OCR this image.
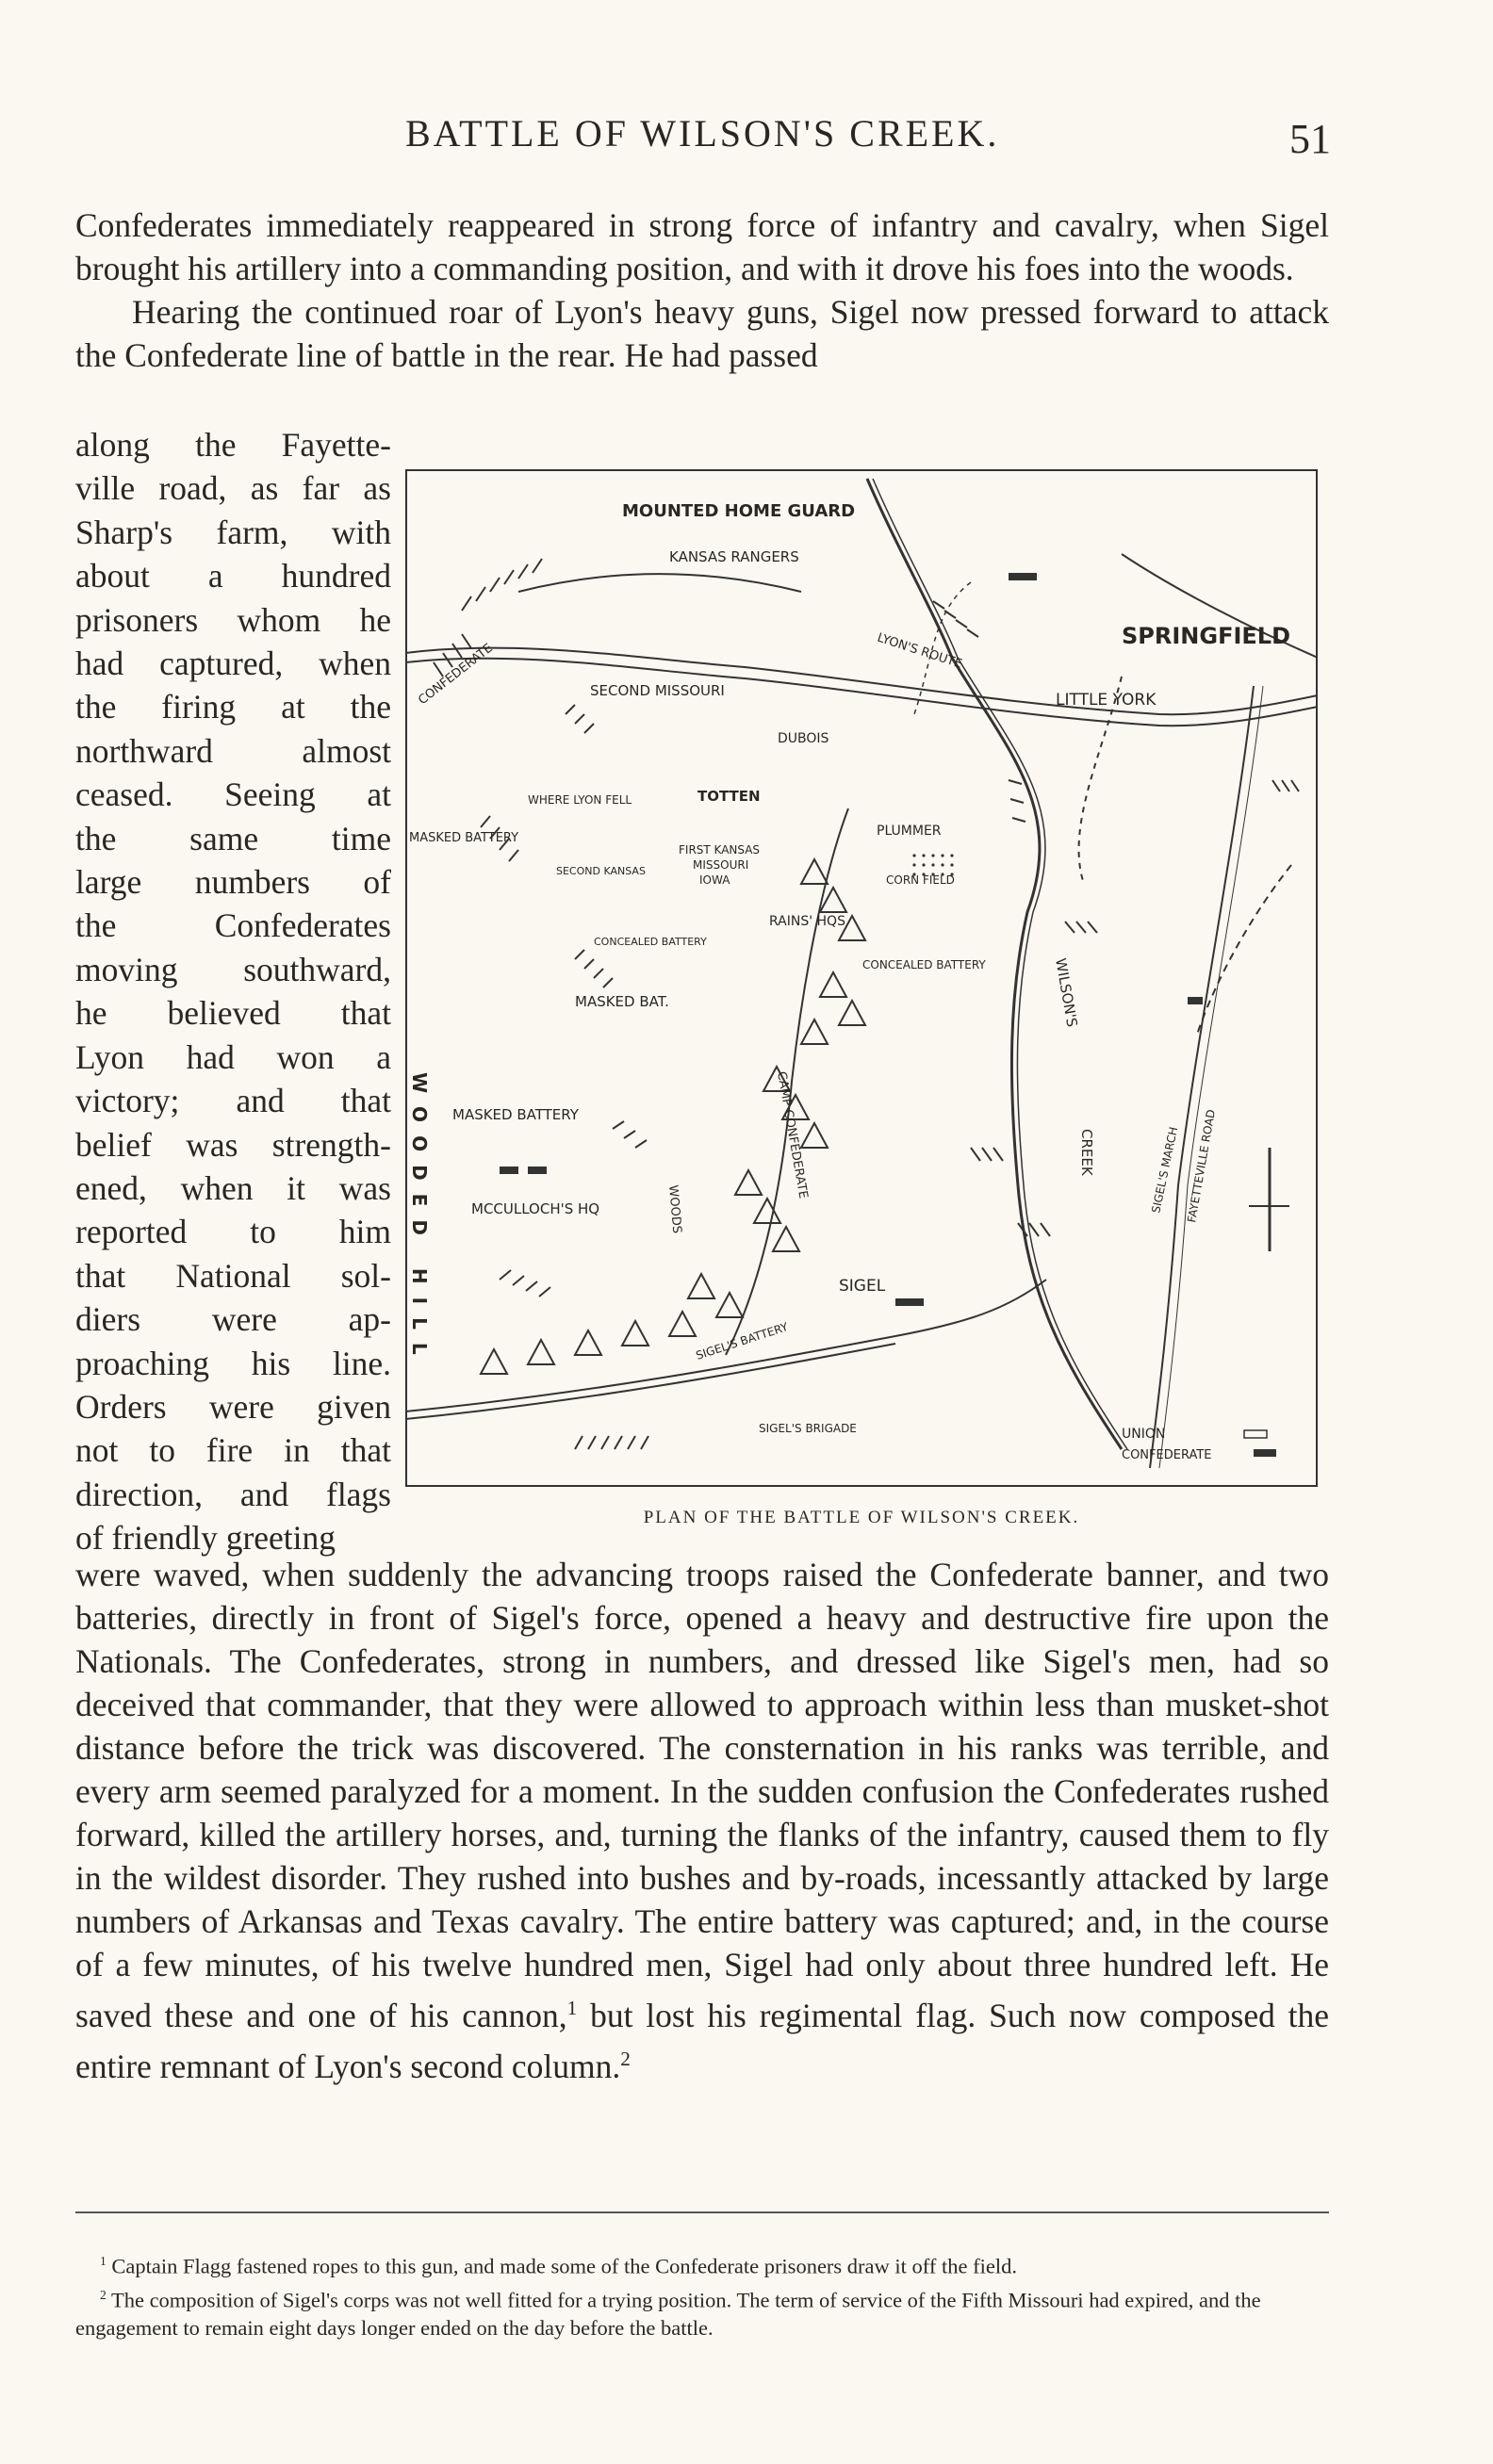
BATTLE OF WILSON'S CREEK.	51

Confederates immediately reappeared in strong force of infantry and cavalry, when Sigel brought his artillery into a commanding position, and with it drove his foes into the woods.

Hearing the continued roar of Lyon's heavy guns, Sigel now pressed forward to attack the Confederate line of battle in the rear. He had passed

along the Fayette-
ville road, as far as
Sharp's farm, with
about a hundred
prisoners whom he
had captured, when
the firing at the
northward almost
ceased. Seeing at
the same time
large numbers of
the Confederates
moving southward,
he believed that
Lyon had won a
victory; and that
belief was strength-
ened, when it was
reported to him
that National sol-
diers were ap-
proaching his line.
Orders were given
not to fire in that
direction, and flags
of friendly greeting
MOUNTED HOME GUARD
KANSAS RANGERS
SPRINGFIELD
LITTLE YORK
LYON'S ROUTE
CONFEDERATE	SECOND MISSOURI
DUBOIS
TOTTEN
WHERE LYON FELL
MASKED BATTERY
FIRST KANSAS
MISSOURI
IOWA
SECOND KANSAS
PLUMMER
CORN FIELD
CONCEALED BATTERY
RAINS' HQS
CONCEALED BATTERY
MASKED BAT.
CAMP CONFEDERATE
WILSON'S
CREEK	SIGEL'S MARCH FAYETTEVILLE ROAD
MASKED BATTERY
MCCULLOCH'S HQ	WOODS
SIGEL
SIGEL'S BATTERY
SIGEL'S BRIGADE	UNION
CONFEDERATE
WOODED HILL
PLAN OF THE BATTLE OF WILSON'S CREEK.

were waved, when suddenly the advancing troops raised the Confederate banner, and two batteries, directly in front of Sigel's force, opened a heavy and destructive fire upon the Nationals. The Confederates, strong in numbers, and dressed like Sigel's men, had so deceived that commander, that they were allowed to approach within less than musket-shot distance before the trick was discovered. The consternation in his ranks was terrible, and every arm seemed paralyzed for a moment. In the sudden confusion the Confederates rushed forward, killed the artillery horses, and, turning the flanks of the infantry, caused them to fly in the wildest disorder. They rushed into bushes and by-roads, incessantly attacked by large numbers of Arkansas and Texas cavalry. The entire battery was captured; and, in the course of a few minutes, of his twelve hundred men, Sigel had only about three hundred left. He saved these and one of his cannon,$^1$ but lost his regimental flag. Such now composed the entire remnant of Lyon's second column.$^2$

$^1$ Captain Flagg fastened ropes to this gun, and made some of the Confederate prisoners draw it off the field.

$^2$ The composition of Sigel's corps was not well fitted for a trying position. The term of service of the Fifth Missouri had expired, and the engagement to remain eight days longer ended on the day before the battle.
